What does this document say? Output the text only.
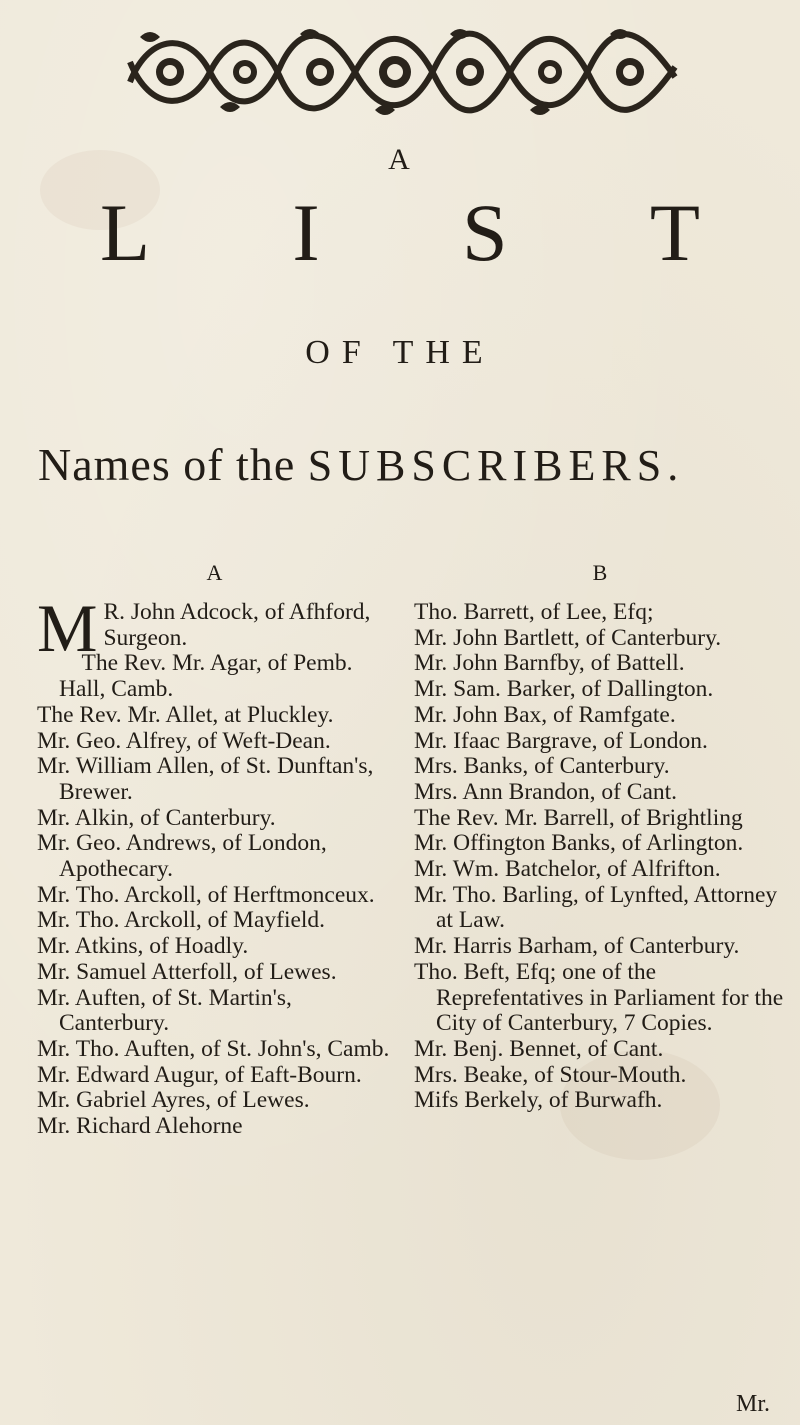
A
L I S T
OF THE
Names of the SUBSCRIBERS.
A

M R. John Adcock, of Afhford, Surgeon.

The Rev. Mr. Agar, of Pemb. Hall, Camb.

The Rev. Mr. Allet, at Pluckley.

Mr. Geo. Alfrey, of Weft-Dean.

Mr. William Allen, of St. Dunftan's, Brewer.

Mr. Alkin, of Canterbury.

Mr. Geo. Andrews, of London, Apothecary.

Mr. Tho. Arckoll, of Herftmonceux.

Mr. Tho. Arckoll, of Mayfield.

Mr. Atkins, of Hoadly.

Mr. Samuel Atterfoll, of Lewes.

Mr. Auften, of St. Martin's, Canterbury.

Mr. Tho. Auften, of St. John's, Camb.

Mr. Edward Augur, of Eaft-Bourn.

Mr. Gabriel Ayres, of Lewes.

Mr. Richard Alehorne

B

Tho. Barrett, of Lee, Efq;

Mr. John Bartlett, of Canterbury.

Mr. John Barnfby, of Battell.

Mr. Sam. Barker, of Dallington.

Mr. John Bax, of Ramfgate.

Mr. Ifaac Bargrave, of London.

Mrs. Banks, of Canterbury.

Mrs. Ann Brandon, of Cant.

The Rev. Mr. Barrell, of Brightling

Mr. Offington Banks, of Arlington.

Mr. Wm. Batchelor, of Alfrifton.

Mr. Tho. Barling, of Lynfted, Attorney at Law.

Mr. Harris Barham, of Canterbury.

Tho. Beft, Efq; one of the Reprefentatives in Parliament for the City of Canterbury, 7 Copies.

Mr. Benj. Bennet, of Cant.

Mrs. Beake, of Stour-Mouth.

Mifs Berkely, of Burwafh.

Mr.
